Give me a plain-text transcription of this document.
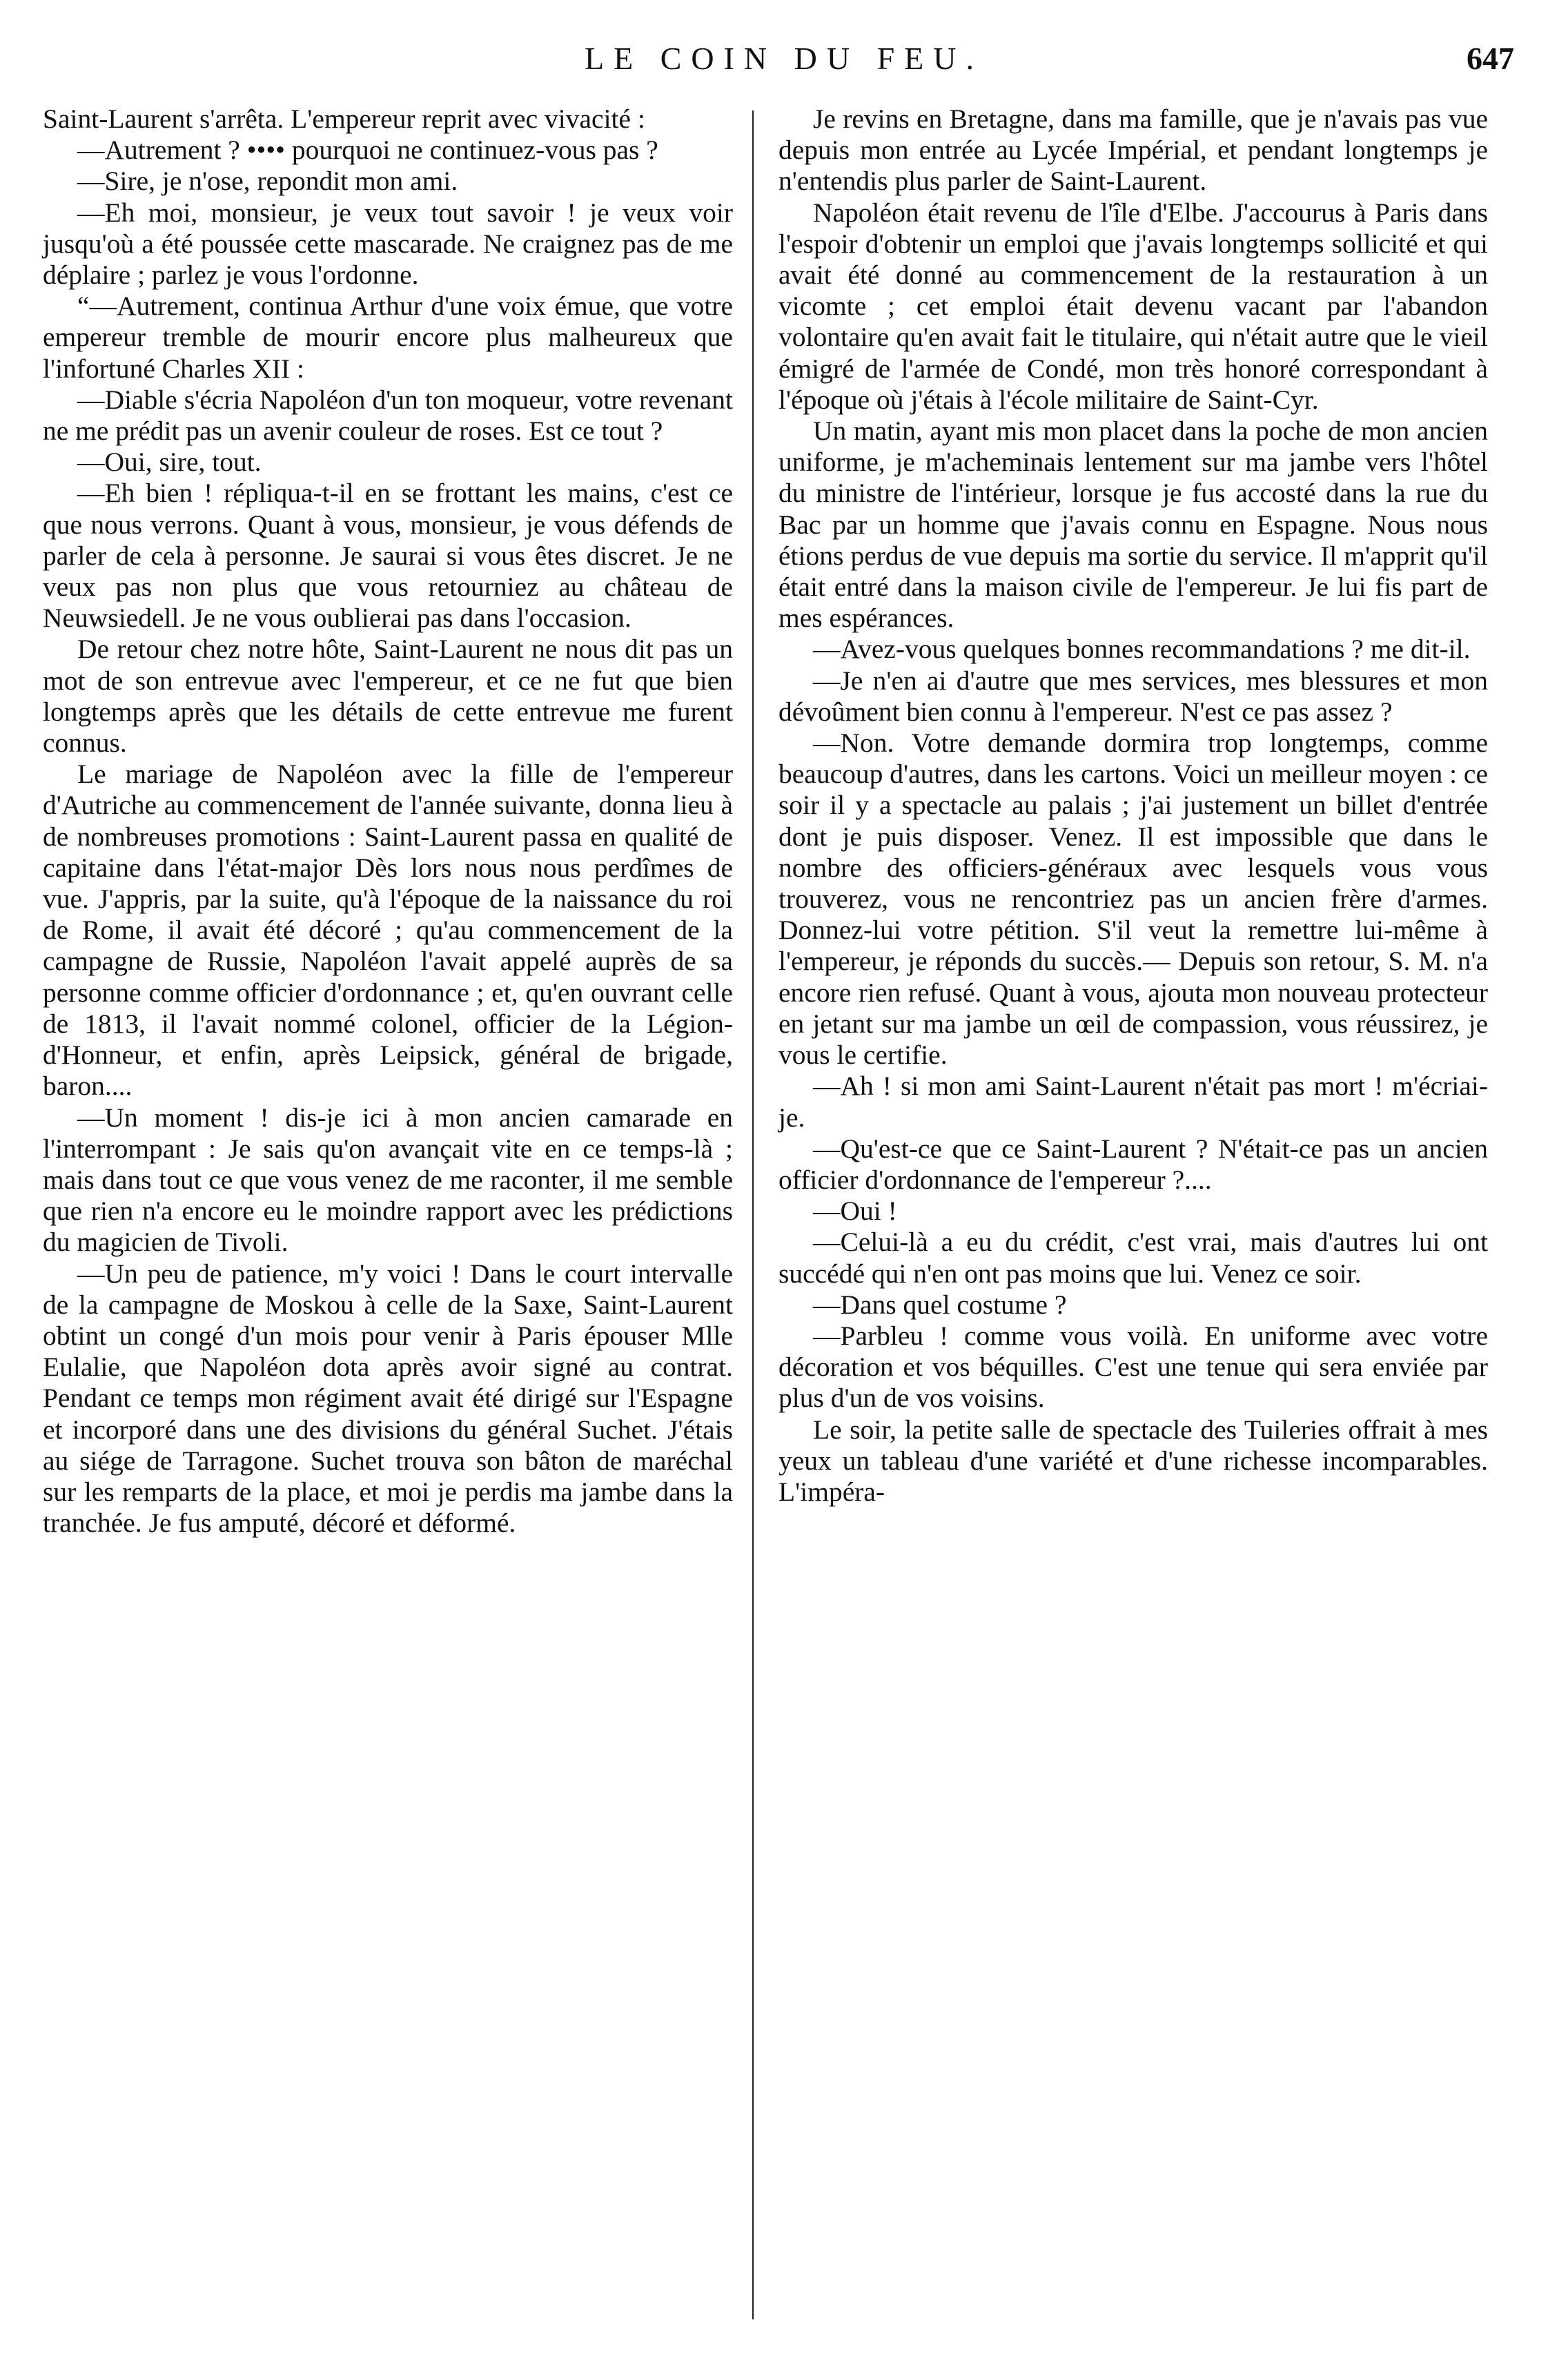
LE COIN DU FEU.	647

Saint-Laurent s'arrêta. L'empereur reprit avec vivacité :

—Autrement ? •••• pourquoi ne continuez-vous pas ?

—Sire, je n'ose, repondit mon ami.

—Eh moi, monsieur, je veux tout savoir ! je veux voir jusqu'où a été poussée cette mascarade. Ne craignez pas de me déplaire ; parlez je vous l'ordonne.

“—Autrement, continua Arthur d'une voix émue, que votre empereur tremble de mourir encore plus malheureux que l'infortuné Charles XII :

—Diable s'écria Napoléon d'un ton moqueur, votre revenant ne me prédit pas un avenir couleur de roses. Est ce tout ?

—Oui, sire, tout.

—Eh bien ! répliqua-t-il en se frottant les mains, c'est ce que nous verrons. Quant à vous, monsieur, je vous défends de parler de cela à personne. Je saurai si vous êtes discret. Je ne veux pas non plus que vous retourniez au château de Neuwsiedell. Je ne vous oublierai pas dans l'occasion.

De retour chez notre hôte, Saint-Laurent ne nous dit pas un mot de son entrevue avec l'empereur, et ce ne fut que bien longtemps après que les détails de cette entrevue me furent connus.

Le mariage de Napoléon avec la fille de l'empereur d'Autriche au commencement de l'année suivante, donna lieu à de nombreuses promotions : Saint-Laurent passa en qualité de capitaine dans l'état-major Dès lors nous nous perdîmes de vue. J'appris, par la suite, qu'à l'époque de la naissance du roi de Rome, il avait été décoré ; qu'au commencement de la campagne de Russie, Napoléon l'avait appelé auprès de sa personne comme officier d'ordonnance ; et, qu'en ouvrant celle de 1813, il l'avait nommé colonel, officier de la Légion-d'Honneur, et enfin, après Leipsick, général de brigade, baron....

—Un moment ! dis-je ici à mon ancien camarade en l'interrompant : Je sais qu'on avançait vite en ce temps-là ; mais dans tout ce que vous venez de me raconter, il me semble que rien n'a encore eu le moindre rapport avec les prédictions du magicien de Tivoli.

—Un peu de patience, m'y voici ! Dans le court intervalle de la campagne de Moskou à celle de la Saxe, Saint-Laurent obtint un congé d'un mois pour venir à Paris épouser Mlle Eulalie, que Napoléon dota après avoir signé au contrat. Pendant ce temps mon régiment avait été dirigé sur l'Espagne et incorporé dans une des divisions du général Suchet. J'étais au siége de Tarragone. Suchet trouva son bâton de maréchal sur les remparts de la place, et moi je perdis ma jambe dans la tranchée. Je fus amputé, décoré et déformé.

Je revins en Bretagne, dans ma famille, que je n'avais pas vue depuis mon entrée au Lycée Impérial, et pendant longtemps je n'entendis plus parler de Saint-Laurent.

Napoléon était revenu de l'île d'Elbe. J'accourus à Paris dans l'espoir d'obtenir un emploi que j'avais longtemps sollicité et qui avait été donné au commencement de la restauration à un vicomte ; cet emploi était devenu vacant par l'abandon volontaire qu'en avait fait le titulaire, qui n'était autre que le vieil émigré de l'armée de Condé, mon très honoré correspondant à l'époque où j'étais à l'école militaire de Saint-Cyr.

Un matin, ayant mis mon placet dans la poche de mon ancien uniforme, je m'acheminais lentement sur ma jambe vers l'hôtel du ministre de l'intérieur, lorsque je fus accosté dans la rue du Bac par un homme que j'avais connu en Espagne. Nous nous étions perdus de vue depuis ma sortie du service. Il m'apprit qu'il était entré dans la maison civile de l'empereur. Je lui fis part de mes espérances.

—Avez-vous quelques bonnes recommandations ? me dit-il.

—Je n'en ai d'autre que mes services, mes blessures et mon dévoûment bien connu à l'empereur. N'est ce pas assez ?

—Non. Votre demande dormira trop longtemps, comme beaucoup d'autres, dans les cartons. Voici un meilleur moyen : ce soir il y a spectacle au palais ; j'ai justement un billet d'entrée dont je puis disposer. Venez. Il est impossible que dans le nombre des officiers-généraux avec lesquels vous vous trouverez, vous ne rencontriez pas un ancien frère d'armes. Donnez-lui votre pétition. S'il veut la remettre lui-même à l'empereur, je réponds du succès.— Depuis son retour, S. M. n'a encore rien refusé. Quant à vous, ajouta mon nouveau protecteur en jetant sur ma jambe un œil de compassion, vous réussirez, je vous le certifie.

—Ah ! si mon ami Saint-Laurent n'était pas mort ! m'écriai-je.

—Qu'est-ce que ce Saint-Laurent ? N'était-ce pas un ancien officier d'ordonnance de l'empereur ?....

—Oui !

—Celui-là a eu du crédit, c'est vrai, mais d'autres lui ont succédé qui n'en ont pas moins que lui. Venez ce soir.

—Dans quel costume ?

—Parbleu ! comme vous voilà. En uniforme avec votre décoration et vos béquilles. C'est une tenue qui sera enviée par plus d'un de vos voisins.

Le soir, la petite salle de spectacle des Tuileries offrait à mes yeux un tableau d'une variété et d'une richesse incomparables. L'impéra-
